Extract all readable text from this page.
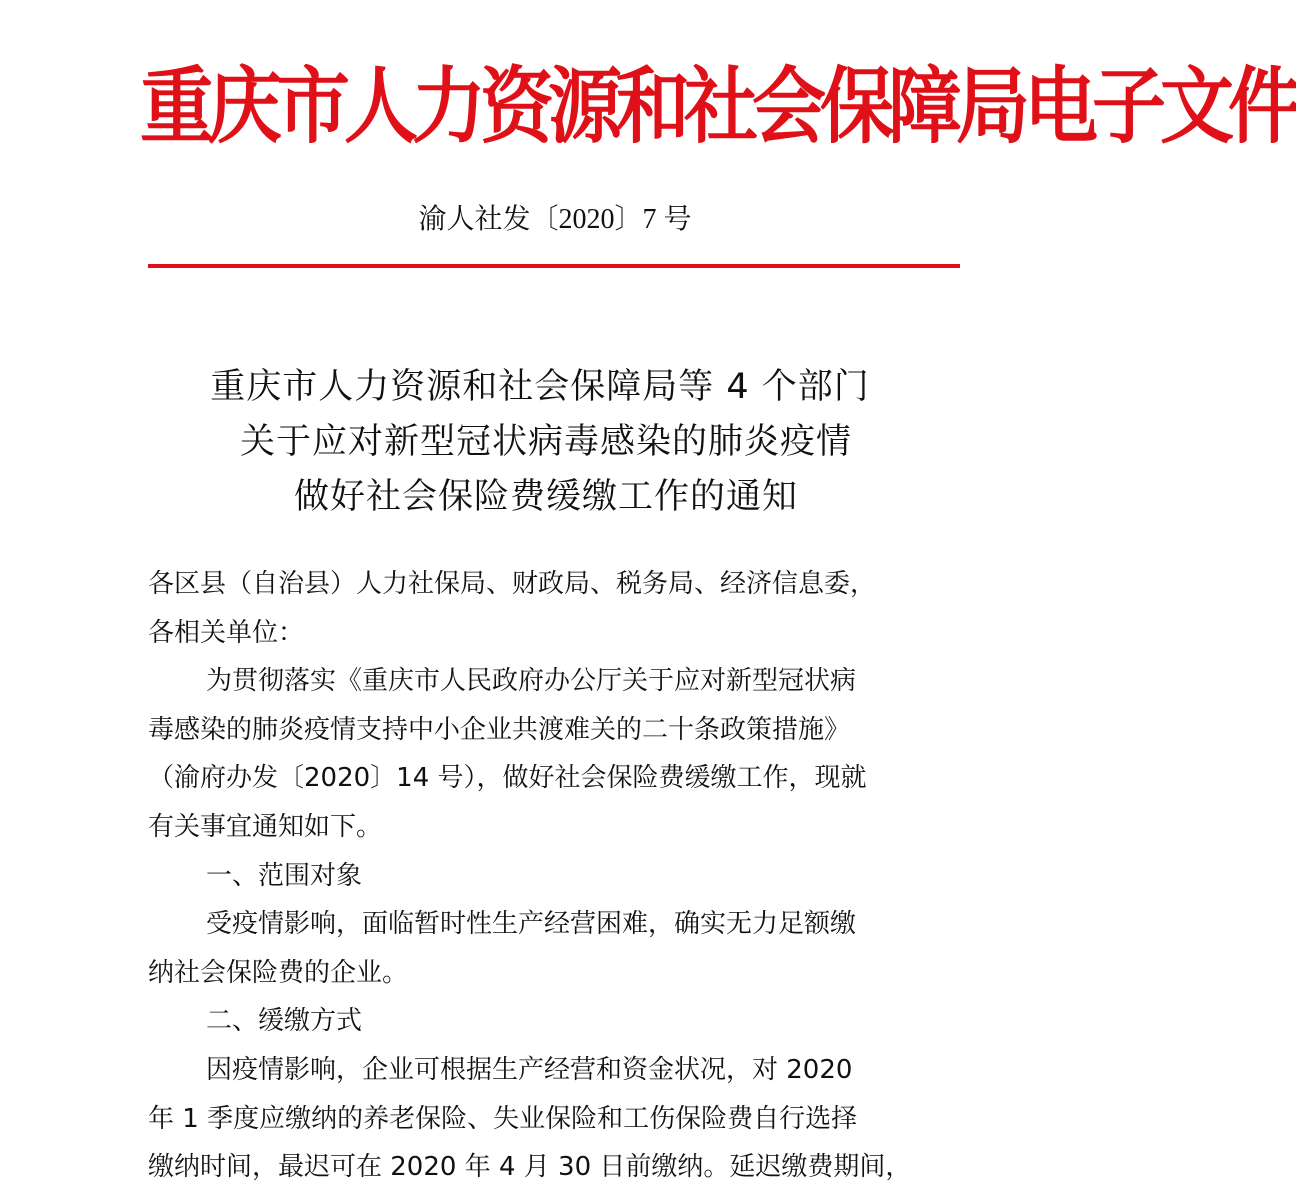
重庆市人力资源和社会保障局电子文件
渝人社发〔2020〕7 号
重庆市人力资源和社会保障局等 4 个部门
关于应对新型冠状病毒感染的肺炎疫情
做好社会保险费缓缴工作的通知

各区县（自治县）人力社保局、财政局、税务局、经济信息委，

各相关单位：

为贯彻落实《重庆市人民政府办公厅关于应对新型冠状病

毒感染的肺炎疫情支持中小企业共渡难关的二十条政策措施》

（渝府办发〔2020〕14 号），做好社会保险费缓缴工作，现就

有关事宜通知如下。

一、范围对象

受疫情影响，面临暂时性生产经营困难，确实无力足额缴

纳社会保险费的企业。

二、缓缴方式

因疫情影响，企业可根据生产经营和资金状况，对 2020

年 1 季度应缴纳的养老保险、失业保险和工伤保险费自行选择

缴纳时间，最迟可在 2020 年 4 月 30 日前缴纳。延迟缴费期间，
